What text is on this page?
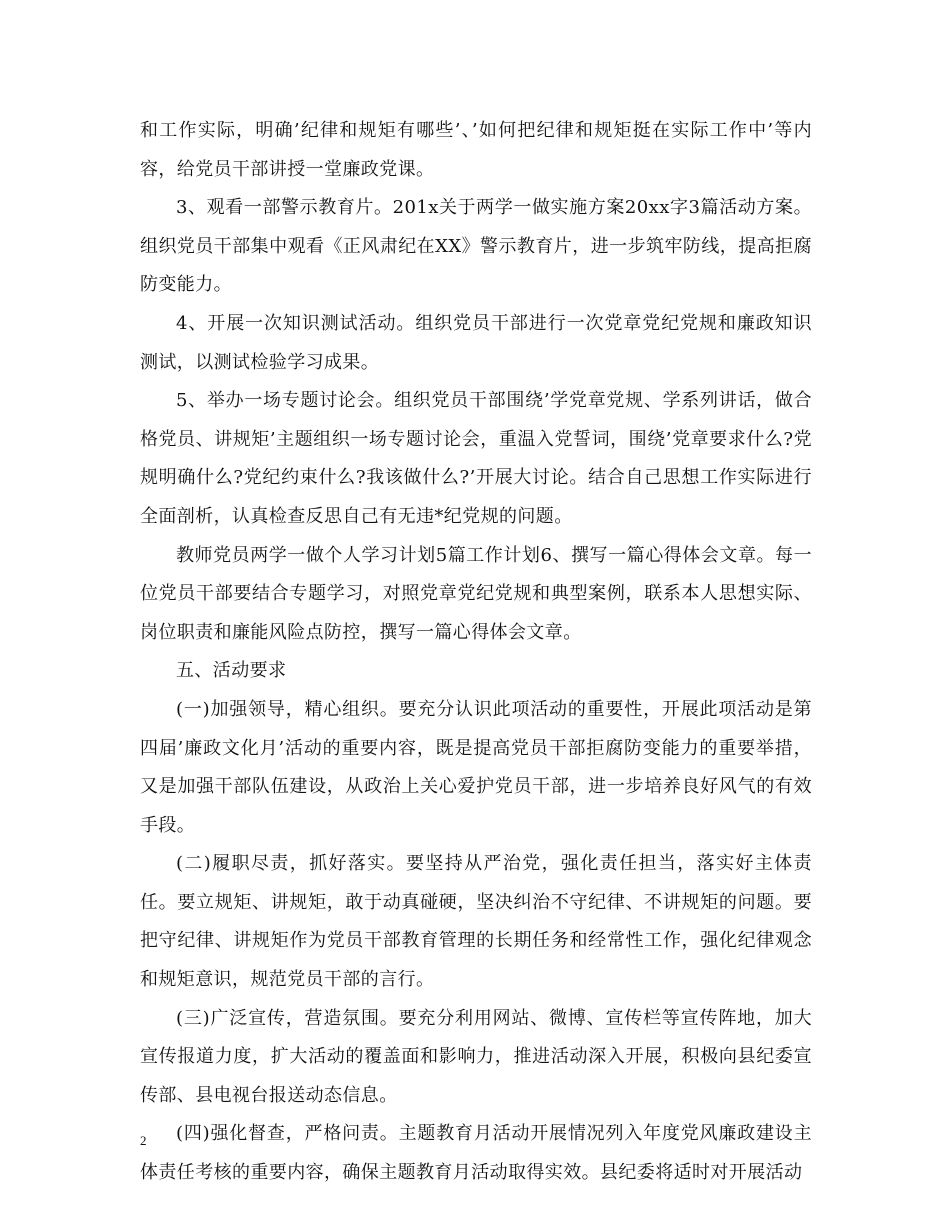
和工作实际，明确’纪律和规矩有哪些’、’如何把纪律和规矩挺在实际工作中’等内容，给党员干部讲授一堂廉政党课。

3、观看一部警示教育片。201x关于两学一做实施方案20xx字3篇活动方案。组织党员干部集中观看《正风肃纪在XX》警示教育片，进一步筑牢防线，提高拒腐防变能力。

4、开展一次知识测试活动。组织党员干部进行一次党章党纪党规和廉政知识测试，以测试检验学习成果。

5、举办一场专题讨论会。组织党员干部围绕’学党章党规、学系列讲话，做合格党员、讲规矩’主题组织一场专题讨论会，重温入党誓词，围绕’党章要求什么?党规明确什么?党纪约束什么?我该做什么?’开展大讨论。结合自己思想工作实际进行全面剖析，认真检查反思自己有无违*纪党规的问题。

教师党员两学一做个人学习计划5篇工作计划6、撰写一篇心得体会文章。每一位党员干部要结合专题学习，对照党章党纪党规和典型案例，联系本人思想实际、岗位职责和廉能风险点防控，撰写一篇心得体会文章。

五、活动要求

(一)加强领导，精心组织。要充分认识此项活动的重要性，开展此项活动是第四届’廉政文化月’活动的重要内容，既是提高党员干部拒腐防变能力的重要举措，又是加强干部队伍建设，从政治上关心爱护党员干部，进一步培养良好风气的有效手段。

(二)履职尽责，抓好落实。要坚持从严治党，强化责任担当，落实好主体责任。要立规矩、讲规矩，敢于动真碰硬，坚决纠治不守纪律、不讲规矩的问题。要把守纪律、讲规矩作为党员干部教育管理的长期任务和经常性工作，强化纪律观念和规矩意识，规范党员干部的言行。

(三)广泛宣传，营造氛围。要充分利用网站、微博、宣传栏等宣传阵地，加大宣传报道力度，扩大活动的覆盖面和影响力，推进活动深入开展，积极向县纪委宣传部、县电视台报送动态信息。

(四)强化督查，严格问责。主题教育月活动开展情况列入年度党风廉政建设主体责任考核的重要内容，确保主题教育月活动取得实效。县纪委将适时对开展活动

2
